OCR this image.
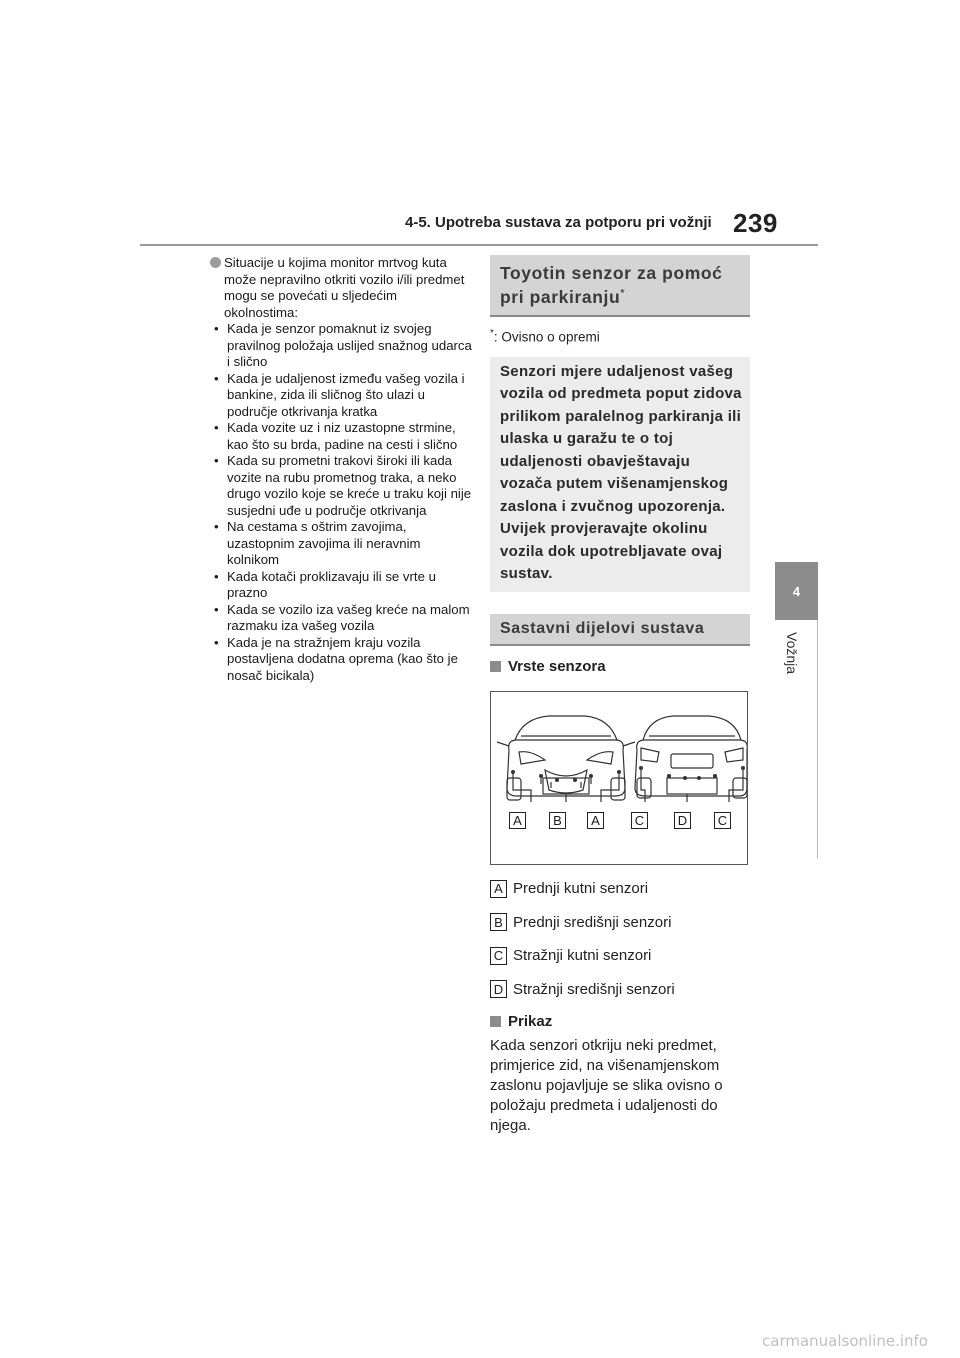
4-5. Upotreba sustava za potporu pri vožnji 239
4
Vožnja
Situacije u kojima monitor mrtvog kuta može nepravilno otkriti vozilo i/ili predmet mogu se povećati u sljedećim okolnostima:
• Kada je senzor pomaknut iz svojeg pravilnog položaja uslijed snažnog udarca i slično
• Kada je udaljenost između vašeg vozila i bankine, zida ili sličnog što ulazi u područje otkrivanja kratka
• Kada vozite uz i niz uzastopne strmine, kao što su brda, padine na cesti i slično
• Kada su prometni trakovi široki ili kada vozite na rubu prometnog traka, a neko drugo vozilo koje se kreće u traku koji nije susjedni uđe u područje otkrivanja
• Na cestama s oštrim zavojima, uzastopnim zavojima ili neravnim kolnikom
• Kada kotači proklizavaju ili se vrte u prazno
• Kada se vozilo iza vašeg kreće na malom razmaku iza vašeg vozila
• Kada je na stražnjem kraju vozila postavljena dodatna oprema (kao što je nosač bicikala)
Toyotin senzor za pomoć pri parkiranju*
*: Ovisno o opremi
Senzori mjere udaljenost vašeg vozila od predmeta poput zidova prilikom paralelnog parkiranja ili ulaska u garažu te o toj udaljenosti obavještavaju vozača putem višenamjenskog zaslona i zvučnog upozorenja. Uvijek provjeravajte okolinu vozila dok upotrebljavate ovaj sustav.
Sastavni dijelovi sustava
Vrste senzora
A	B	A	C	D C
A Prednji kutni senzori
B Prednji središnji senzori
C Stražnji kutni senzori
D Stražnji središnji senzori
Prikaz
Kada senzori otkriju neki predmet, primjerice zid, na višenamjenskom zaslonu pojavljuje se slika ovisno o položaju predmeta i udaljenosti do njega.
carmanualsonline.info
